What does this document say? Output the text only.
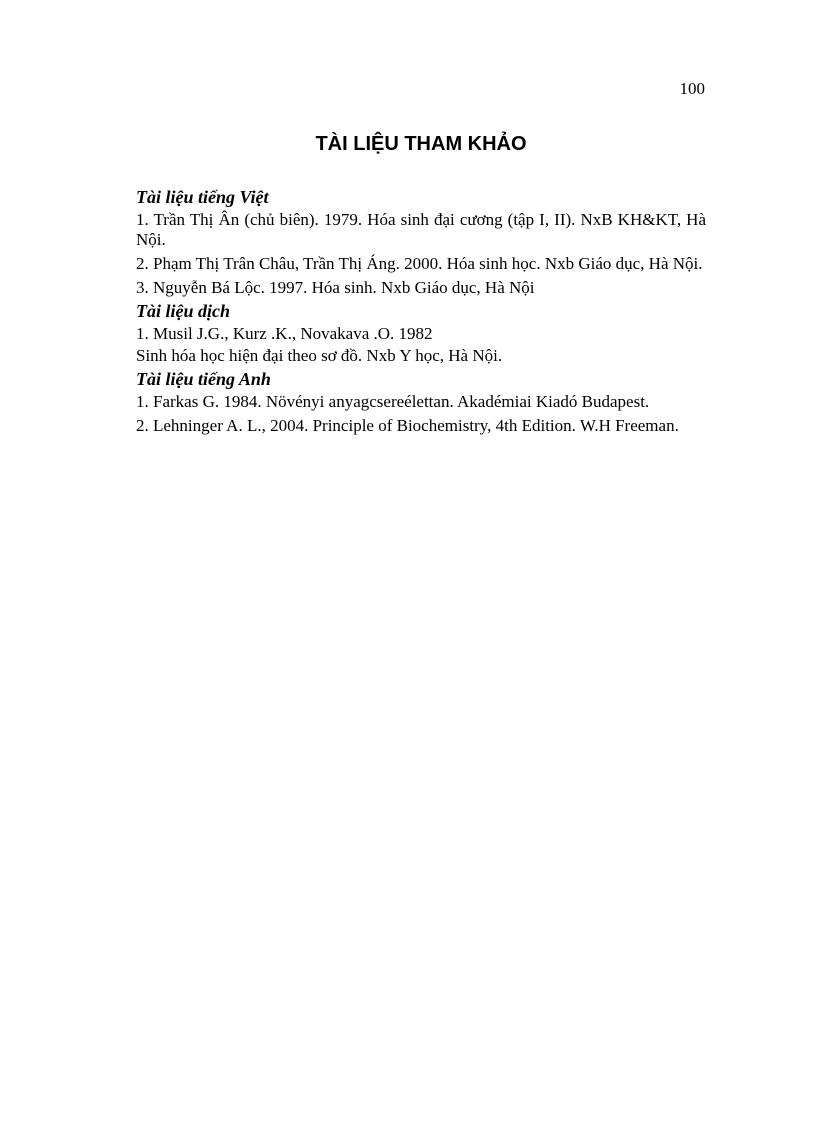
100
TÀI LIỆU THAM KHẢO
Tài liệu tiếng Việt

1. Trần Thị Ân (chủ biên). 1979. Hóa sinh đại cương (tập I, II). NxB KH&KT, Hà Nội.

2. Phạm Thị Trân Châu, Trần Thị Áng. 2000. Hóa sinh học. Nxb Giáo dục, Hà Nội.

3. Nguyễn Bá Lộc. 1997. Hóa sinh. Nxb Giáo dục, Hà Nội

Tài liệu dịch

1. Musil J.G., Kurz .K., Novakava .O. 1982

Sinh hóa học hiện đại theo sơ đồ. Nxb Y học, Hà Nội.

Tài liệu tiếng Anh

1. Farkas G. 1984. Növényi anyagcsereélettan. Akadémiai Kiadó Budapest.

2. Lehninger A. L., 2004. Principle of Biochemistry, 4th Edition. W.H Freeman.
